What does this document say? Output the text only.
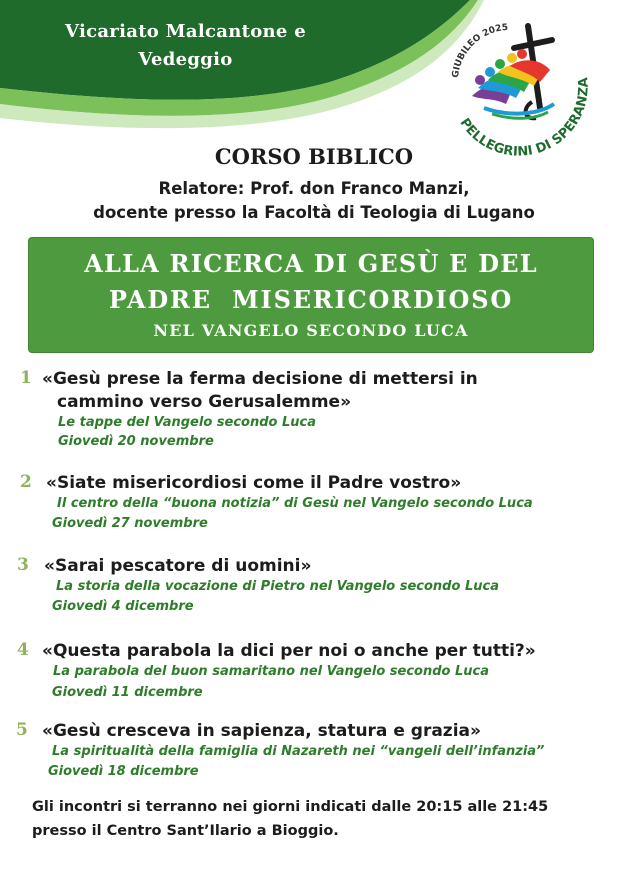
Vicariato Malcantone e
Vedeggio
GIUBILEO 2025
PELLEGRINI DI SPERANZA
CORSO BIBLICO
Relatore: Prof. don Franco Manzi,
docente presso la Facoltà di Teologia di Lugano
ALLA RICERCA DI GESÙ E DEL
PADRE  MISERICORDIOSO
NEL VANGELO SECONDO LUCA
1 «Gesù prese la ferma decisione di mettersi in
cammino verso Gerusalemme»
Le tappe del Vangelo secondo Luca
Giovedì 20 novembre
2 «Siate misericordiosi come il Padre vostro»
Il centro della “buona notizia” di Gesù nel Vangelo secondo Luca
Giovedì 27 novembre
3 «Sarai pescatore di uomini»
La storia della vocazione di Pietro nel Vangelo secondo Luca
Giovedì 4 dicembre
4 «Questa parabola la dici per noi o anche per tutti?»
La parabola del buon samaritano nel Vangelo secondo Luca
Giovedì 11 dicembre
5 «Gesù cresceva in sapienza, statura e grazia»
La spiritualità della famiglia di Nazareth nei “vangeli dell’infanzia”
Giovedì 18 dicembre
Gli incontri si terranno nei giorni indicati dalle 20:15 alle 21:45
presso il Centro Sant’Ilario a Bioggio.
